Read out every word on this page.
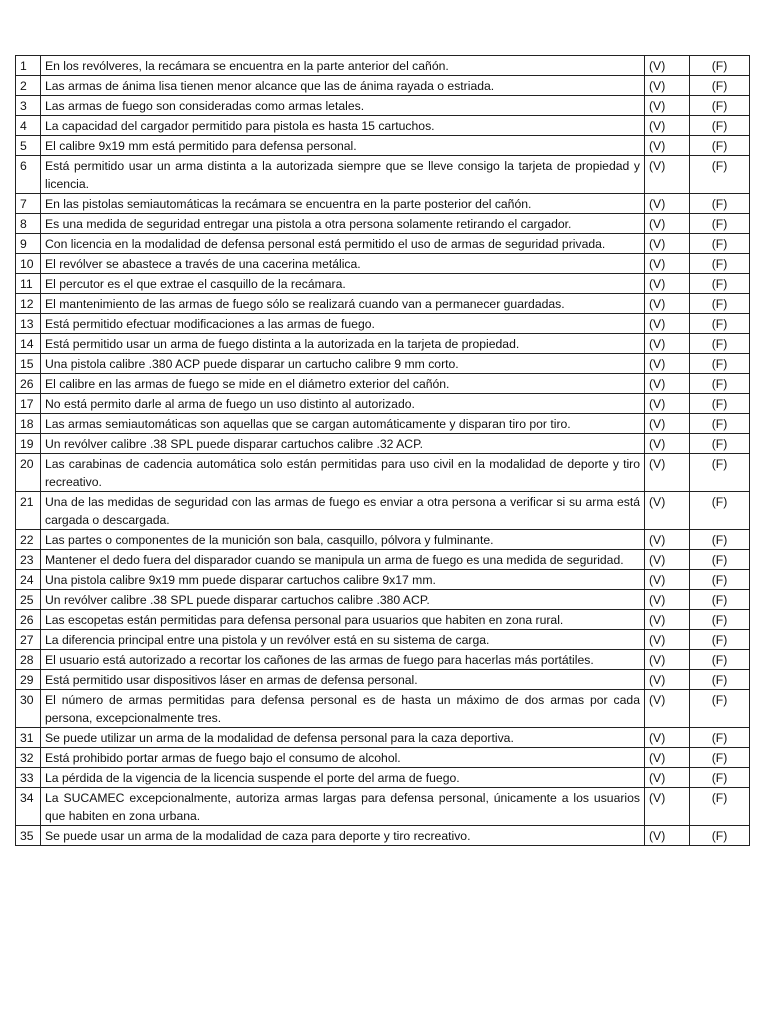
1	En los revólveres, la recámara se encuentra en la parte anterior del cañón.	(V)	(F)
2	Las armas de ánima lisa tienen menor alcance que las de ánima rayada o estriada.	(V)	(F)
3	Las armas de fuego son consideradas como armas letales.	(V)	(F)
4	La capacidad del cargador permitido para pistola es hasta 15 cartuchos.	(V)	(F)
5	El calibre 9x19 mm está permitido para defensa personal.	(V)	(F)
6	Está permitido usar un arma distinta a la autorizada siempre que se lleve consigo la tarjeta de propiedad y licencia.	(V)	(F)
7	En las pistolas semiautomáticas la recámara se encuentra en la parte posterior del cañón.	(V)	(F)
8	Es una medida de seguridad entregar una pistola a otra persona solamente retirando el cargador.	(V)	(F)
9	Con licencia en la modalidad de defensa personal está permitido el uso de armas de seguridad privada.	(V)	(F)
10	El revólver se abastece a través de una cacerina metálica.	(V)	(F)
11	El percutor es el que extrae el casquillo de la recámara.	(V)	(F)
12	El mantenimiento de las armas de fuego sólo se realizará cuando van a permanecer guardadas.	(V)	(F)
13	Está permitido efectuar modificaciones a las armas de fuego.	(V)	(F)
14	Está permitido usar un arma de fuego distinta a la autorizada en la tarjeta de propiedad.	(V)	(F)
15	Una pistola calibre .380 ACP puede disparar un cartucho calibre 9 mm corto.	(V)	(F)
26	El calibre en las armas de fuego se mide en el diámetro exterior del cañón.	(V)	(F)
17	No está permito darle al arma de fuego un uso distinto al autorizado.	(V)	(F)
18	Las armas semiautomáticas son aquellas que se cargan automáticamente y disparan tiro por tiro.	(V)	(F)
19	Un revólver calibre .38 SPL puede disparar cartuchos calibre .32 ACP.	(V)	(F)
20	Las carabinas de cadencia automática solo están permitidas para uso civil en la modalidad de deporte y tiro recreativo.	(V)	(F)
21	Una de las medidas de seguridad con las armas de fuego es enviar a otra persona a verificar si su arma está cargada o descargada.	(V)	(F)
22	Las partes o componentes de la munición son bala, casquillo, pólvora y fulminante.	(V)	(F)
23	Mantener el dedo fuera del disparador cuando se manipula un arma de fuego es una medida de seguridad.	(V)	(F)
24	Una pistola calibre 9x19 mm puede disparar cartuchos calibre 9x17 mm.	(V)	(F)
25	Un revólver calibre .38 SPL puede disparar cartuchos calibre .380 ACP.	(V)	(F)
26	Las escopetas están permitidas para defensa personal para usuarios que habiten en zona rural.	(V)	(F)
27	La diferencia principal entre una pistola y un revólver está en su sistema de carga.	(V)	(F)
28	El usuario está autorizado a recortar los cañones de las armas de fuego para hacerlas más portátiles.	(V)	(F)
29	Está permitido usar dispositivos láser en armas de defensa personal.	(V)	(F)
30	El número de armas permitidas para defensa personal es de hasta un máximo de dos armas por cada persona, excepcionalmente tres.	(V)	(F)
31	Se puede utilizar un arma de la modalidad de defensa personal para la caza deportiva.	(V)	(F)
32	Está prohibido portar armas de fuego bajo el consumo de alcohol.	(V)	(F)
33	La pérdida de la vigencia de la licencia suspende el porte del arma de fuego.	(V)	(F)
34	La SUCAMEC excepcionalmente, autoriza armas largas para defensa personal, únicamente a los usuarios que habiten en zona urbana.	(V)	(F)
35	Se puede usar un arma de la modalidad de caza para deporte y tiro recreativo.	(V)	(F)
